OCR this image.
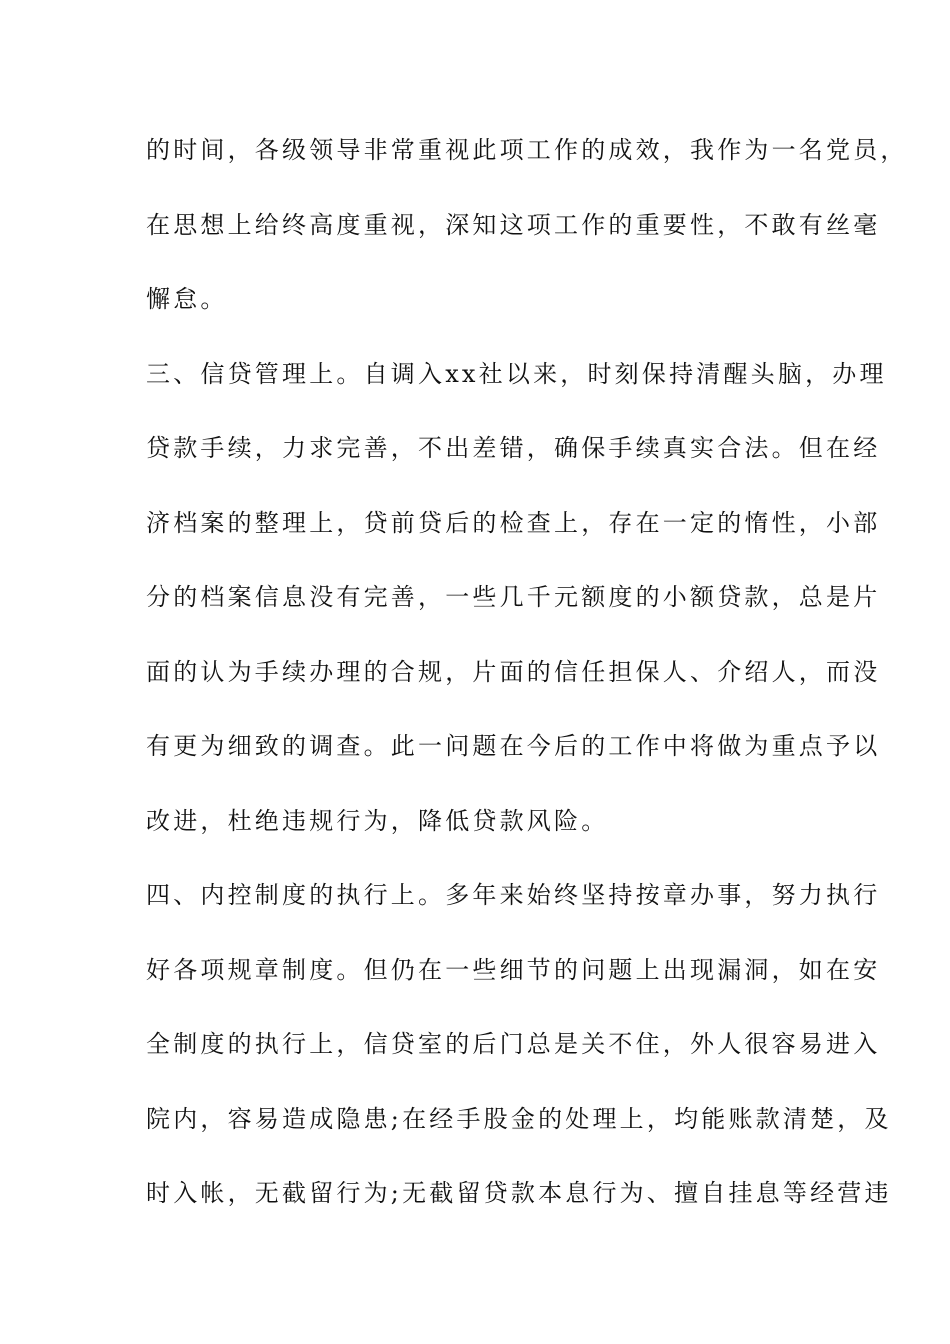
的时间，各级领导非常重视此项工作的成效，我作为一名党员，
在思想上给终高度重视，深知这项工作的重要性，不敢有丝毫
懈怠。
三、信贷管理上。自调入xx社以来，时刻保持清醒头脑，办理
贷款手续，力求完善，不出差错，确保手续真实合法。但在经
济档案的整理上，贷前贷后的检查上，存在一定的惰性，小部
分的档案信息没有完善，一些几千元额度的小额贷款，总是片
面的认为手续办理的合规，片面的信任担保人、介绍人，而没
有更为细致的调查。此一问题在今后的工作中将做为重点予以
改进，杜绝违规行为，降低贷款风险。
四、内控制度的执行上。多年来始终坚持按章办事，努力执行
好各项规章制度。但仍在一些细节的问题上出现漏洞，如在安
全制度的执行上，信贷室的后门总是关不住，外人很容易进入
院内，容易造成隐患;在经手股金的处理上，均能账款清楚，及
时入帐，无截留行为;无截留贷款本息行为、擅自挂息等经营违
